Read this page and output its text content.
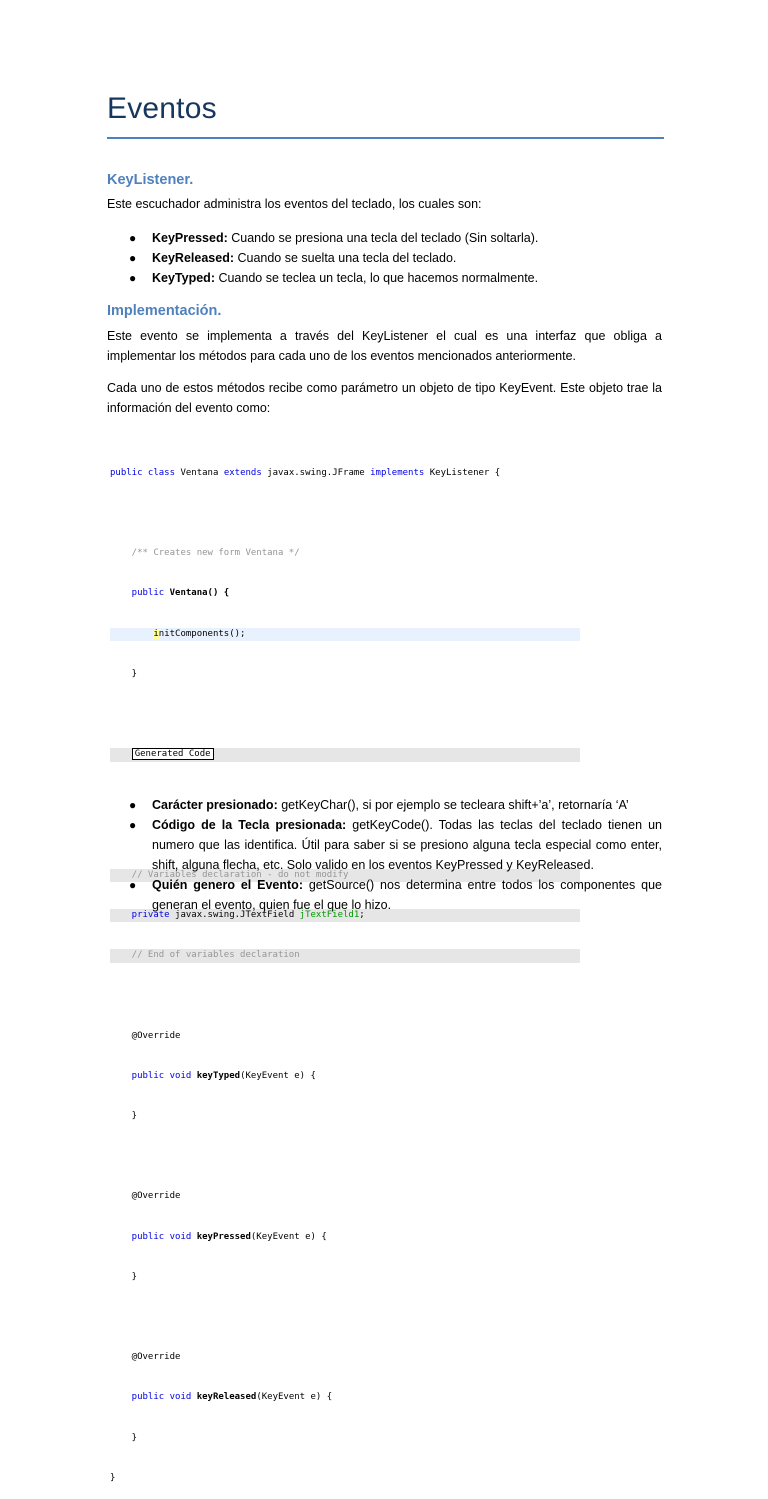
Eventos
KeyListener.
Este escuchador administra los eventos del teclado, los cuales son:
● KeyPressed: Cuando se presiona una tecla del teclado (Sin soltarla).
● KeyReleased: Cuando se suelta una tecla del teclado.
● KeyTyped: Cuando se teclea un tecla, lo que hacemos normalmente.
Implementación.
Este evento se implementa a través del KeyListener el cual es una interfaz que obliga a implementar los métodos para cada uno de los eventos mencionados anteriormente.
Cada uno de estos métodos recibe como parámetro un objeto de tipo KeyEvent. Este objeto trae la información del evento como:

public class Ventana extends javax.swing.JFrame implements KeyListener {

/** Creates new form Ventana */

public Ventana() {

initComponents();

}

Generated Code

// Variables declaration - do not modify

private javax.swing.JTextField jTextField1;

// End of variables declaration

@Override

public void keyTyped(KeyEvent e) {

}

@Override

public void keyPressed(KeyEvent e) {

}

@Override

public void keyReleased(KeyEvent e) {

}

}

● Carácter presionado: getKeyChar(), si por ejemplo se tecleara shift+’a’, retornaría ‘A’
● Código de la Tecla presionada: getKeyCode(). Todas las teclas del teclado tienen un numero que las identifica. Útil para saber si se presiono alguna tecla especial como enter, shift, alguna flecha, etc. Solo valido en los eventos KeyPressed y KeyReleased.
● Quién genero el Evento: getSource() nos determina entre todos los componentes que generan el evento, quien fue el que lo hizo.
